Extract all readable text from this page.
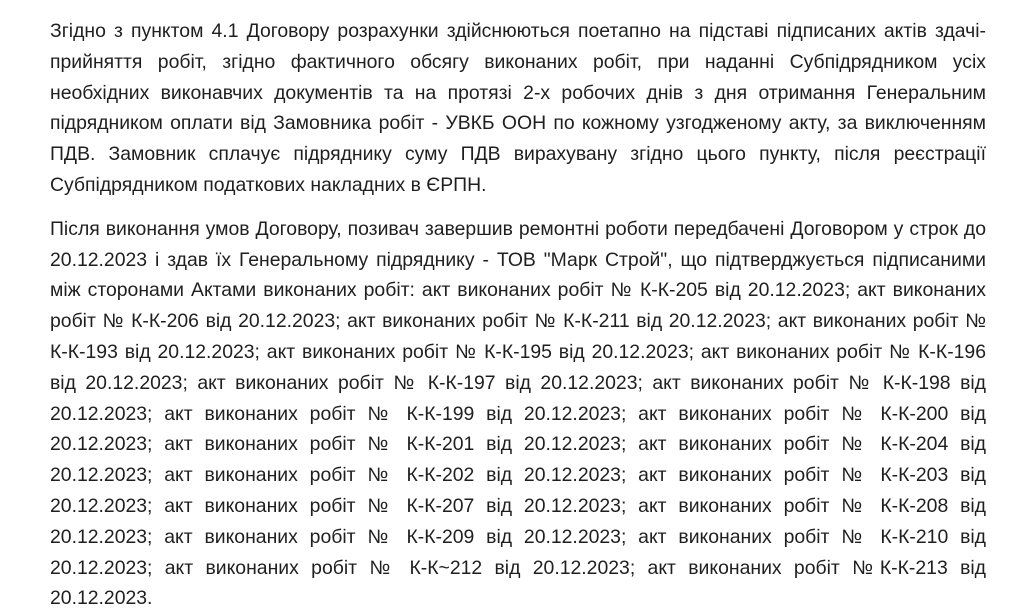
Згідно з пунктом 4.1 Договору розрахунки здійснюються поетапно на підставі підписаних актів здачі-прийняття робіт, згідно фактичного обсягу виконаних робіт, при наданні Субпідрядником усіх необхідних виконавчих документів та на протязі 2-х робочих днів з дня отримання Генеральним підрядником оплати від Замовника робіт - УВКБ ООН по кожному узгодженому акту, за виключенням ПДВ. Замовник сплачує підряднику суму ПДВ вирахувану згідно цього пункту, після реєстрації Субпідрядником податкових накладних в ЄРПН.

Після виконання умов Договору, позивач завершив ремонтні роботи передбачені Договором у строк до 20.12.2023 і здав їх Генеральному підряднику - ТОВ "Марк Строй", що підтверджується підписаними між сторонами Актами виконаних робіт: акт виконаних робіт № К-К-205 від 20.12.2023; акт виконаних робіт № К-К-206 від 20.12.2023; акт виконаних робіт № К-К-211 від 20.12.2023; акт виконаних робіт № К-К-193 від 20.12.2023; акт виконаних робіт № К-К-195 від 20.12.2023; акт виконаних робіт № К-К-196 від 20.12.2023; акт виконаних робіт № К-К-197 від 20.12.2023; акт виконаних робіт № К-К-198 від 20.12.2023; акт виконаних робіт № К-К-199 від 20.12.2023; акт виконаних робіт № К-К-200 від 20.12.2023; акт виконаних робіт № К-К-201 від 20.12.2023; акт виконаних робіт № К-К-204 від 20.12.2023; акт виконаних робіт № К-К-202 від 20.12.2023; акт виконаних робіт № К-К-203 від 20.12.2023; акт виконаних робіт № К-К-207 від 20.12.2023; акт виконаних робіт № К-К-208 від 20.12.2023; акт виконаних робіт № К-К-209 від 20.12.2023; акт виконаних робіт № К-К-210 від 20.12.2023; акт виконаних робіт № К-К~212 від 20.12.2023; акт виконаних робіт №К-К-213 від 20.12.2023.
